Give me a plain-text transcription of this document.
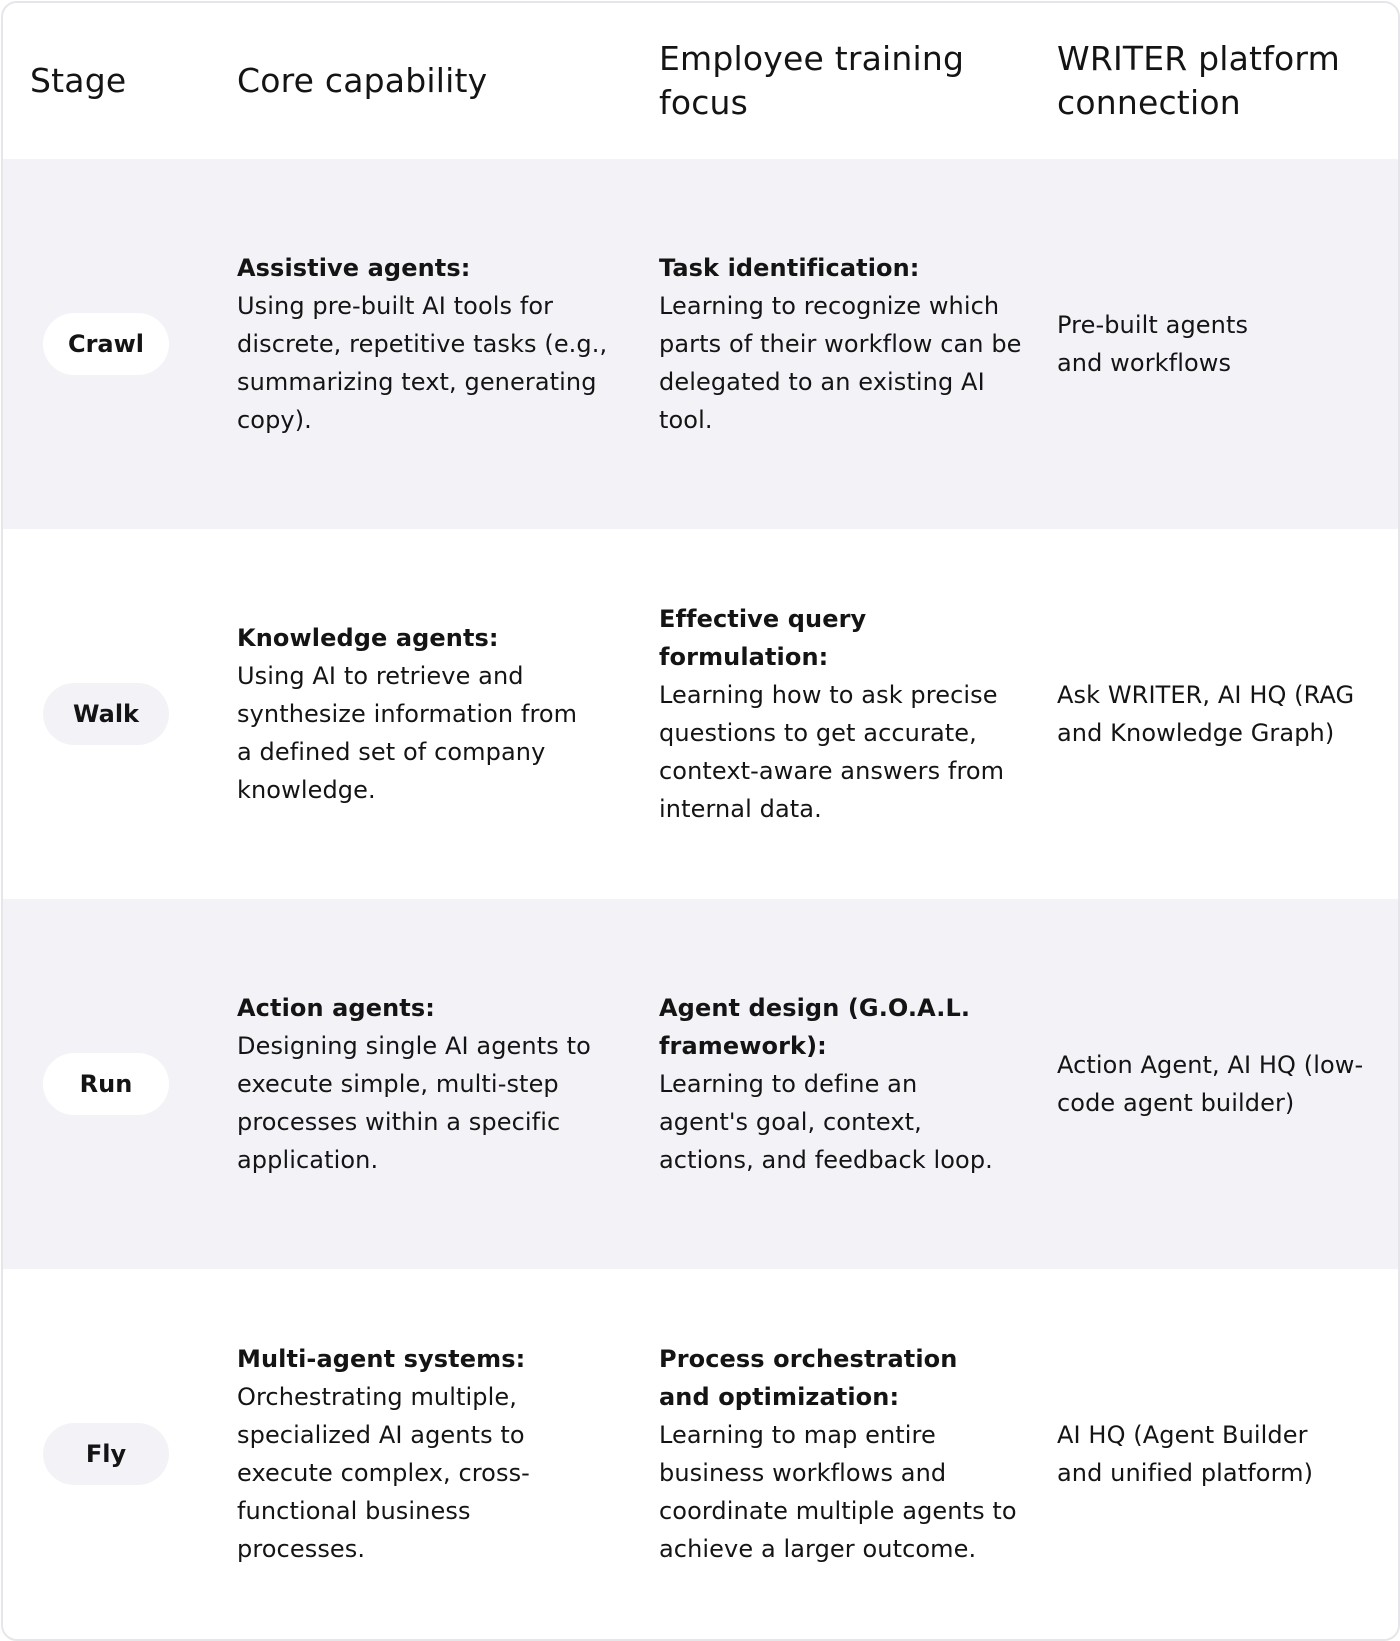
Stage	Core capability
Employee training focus
WRITER platform connection
Crawl
Assistive agents:
Using pre-built AI tools for discrete, repetitive tasks (e.g., summarizing text, generating copy).
Task identification:
Learning to recognize which parts of their workflow can be delegated to an existing AI tool.
Pre-built agents and workflows
Walk
Knowledge agents:
Using AI to retrieve and synthesize information from a defined set of company knowledge.
Effective query formulation:
Learning how to ask precise questions to get accurate, context-aware answers from internal data.
Ask WRITER, AI HQ (RAG and Knowledge Graph)
Run
Action agents:
Designing single AI agents to execute simple, multi-step processes within a specific application.
Agent design (G.O.A.L. framework):
Learning to define an agent's goal, context, actions, and feedback loop.
Action Agent, AI HQ (low-code agent builder)
Fly
Multi-agent systems:
Orchestrating multiple, specialized AI agents to execute complex, cross-functional business processes.
Process orchestration and optimization:
Learning to map entire business workflows and coordinate multiple agents to achieve a larger outcome.
AI HQ (Agent Builder and unified platform)
